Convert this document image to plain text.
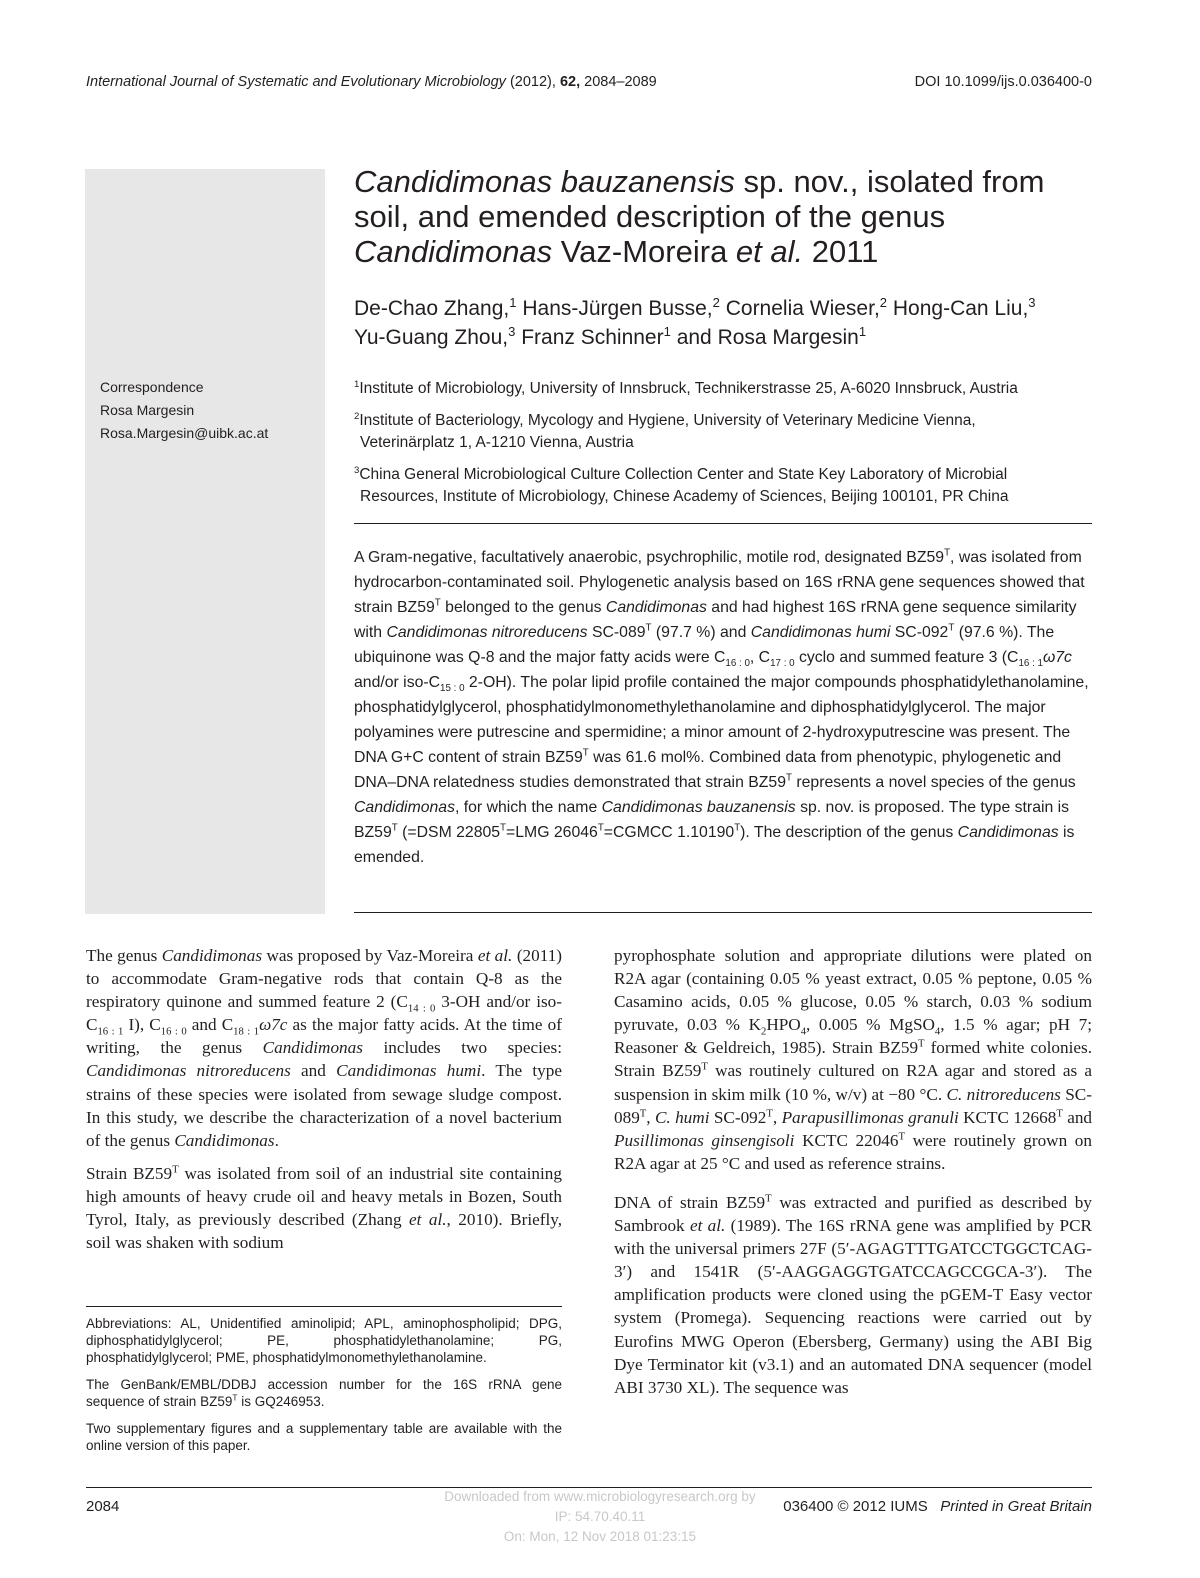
International Journal of Systematic and Evolutionary Microbiology (2012), 62, 2084–2089	DOI 10.1099/ijs.0.036400-0
Correspondence
Rosa Margesin
Rosa.Margesin@uibk.ac.at
Candidimonas bauzanensis sp. nov., isolated from soil, and emended description of the genus Candidimonas Vaz-Moreira et al. 2011
De-Chao Zhang,$^1$ Hans-Jürgen Busse,$^2$ Cornelia Wieser,$^2$ Hong-Can Liu,$^3$
Yu-Guang Zhou,$^3$ Franz Schinner$^1$ and Rosa Margesin$^1$
$^1$Institute of Microbiology, University of Innsbruck, Technikerstrasse 25, A-6020 Innsbruck, Austria
$^2$Institute of Bacteriology, Mycology and Hygiene, University of Veterinary Medicine Vienna,
Veterinärplatz 1, A-1210 Vienna, Austria
$^3$China General Microbiological Culture Collection Center and State Key Laboratory of Microbial
Resources, Institute of Microbiology, Chinese Academy of Sciences, Beijing 100101, PR China
A Gram-negative, facultatively anaerobic, psychrophilic, motile rod, designated $BZ59^T$, was isolated from hydrocarbon-contaminated soil. Phylogenetic analysis based on 16S rRNA gene sequences showed that strain $BZ59^T$ belonged to the genus Candidimonas and had highest 16S rRNA gene sequence similarity with Candidimonas nitroreducens $SC-089^T$ (97.7 %) and Candidimonas humi $SC-092^T$ (97.6 %). The ubiquinone was Q-8 and the major fatty acids were $C_{16 : 0}$, $C_{17 : 0}$ cyclo and summed feature 3 ($C_{16 : 1}\omega 7c$ and/or iso-$C_{15 : 0}$ 2-OH). The polar lipid profile contained the major compounds phosphatidylethanolamine, phosphatidylglycerol, phosphatidylmonomethylethanolamine and diphosphatidylglycerol. The major polyamines were putrescine and spermidine; a minor amount of 2-hydroxyputrescine was present. The DNA G+C content of strain $BZ59^T$ was 61.6 mol%. Combined data from phenotypic, phylogenetic and DNA–DNA relatedness studies demonstrated that strain $BZ59^T$ represents a novel species of the genus Candidimonas, for which the name Candidimonas bauzanensis sp. nov. is proposed. The type strain is $BZ59^T$ (=DSM $22805^T=LMG$ $26046^T=CGMCC$ $1.10190^T$). The description of the genus Candidimonas is emended.

The genus Candidimonas was proposed by Vaz-Moreira et al. (2011) to accommodate Gram-negative rods that contain Q-8 as the respiratory quinone and summed feature 2 ($C_{14 : 0}$ 3-OH and/or iso-$C_{16 : 1}$ I), $C_{16 : 0}$ and $C_{18 : 1}\omega 7c$ as the major fatty acids. At the time of writing, the genus Candidimonas includes two species: Candidimonas nitroreducens and Candidimonas humi. The type strains of these species were isolated from sewage sludge compost. In this study, we describe the characterization of a novel bacterium of the genus Candidimonas.

Strain $BZ59^T$ was isolated from soil of an industrial site containing high amounts of heavy crude oil and heavy metals in Bozen, South Tyrol, Italy, as previously described (Zhang et al., 2010). Briefly, soil was shaken with sodium

Abbreviations: AL, Unidentified aminolipid; APL, aminophospholipid; DPG, diphosphatidylglycerol; PE, phosphatidylethanolamine; PG, phosphatidylglycerol; PME, phosphatidylmonomethylethanolamine.

The GenBank/EMBL/DDBJ accession number for the 16S rRNA gene sequence of strain $BZ59^T$ is GQ246953.

Two supplementary figures and a supplementary table are available with the online version of this paper.

pyrophosphate solution and appropriate dilutions were plated on R2A agar (containing 0.05 % yeast extract, 0.05 % peptone, 0.05 % Casamino acids, 0.05 % glucose, 0.05 % starch, 0.03 % sodium pyruvate, 0.03 % $K_2HPO_4$, 0.005 % MgSO$_4$, 1.5 % agar; pH 7; Reasoner & Geldreich, 1985). Strain $BZ59^T$ formed white colonies. Strain $BZ59^T$ was routinely cultured on R2A agar and stored as a suspension in skim milk (10 %, w/v) at −80 °C. C. nitroreducens $SC-089^T$, C. humi $SC-092^T$, Parapusillimonas granuli KCTC $12668^T$ and Pusillimonas ginsengisoli KCTC $22046^T$ were routinely grown on R2A agar at 25 °C and used as reference strains.

DNA of strain $BZ59^T$ was extracted and purified as described by Sambrook et al. (1989). The 16S rRNA gene was amplified by PCR with the universal primers 27F (5′-AGAGTTTGATCCTGGCTCAG-3′) and 1541R (5′-AAGGAGGTGATCCAGCCGCA-3′). The amplification products were cloned using the pGEM-T Easy vector system (Promega). Sequencing reactions were carried out by Eurofins MWG Operon (Ebersberg, Germany) using the ABI Big Dye Terminator kit (v3.1) and an automated DNA sequencer (model ABI 3730 XL). The sequence was

2084	036400 © 2012 IUMS Printed in Great Britain
Downloaded from www.microbiologyresearch.org by
IP: 54.70.40.11
On: Mon, 12 Nov 2018 01:23:15
